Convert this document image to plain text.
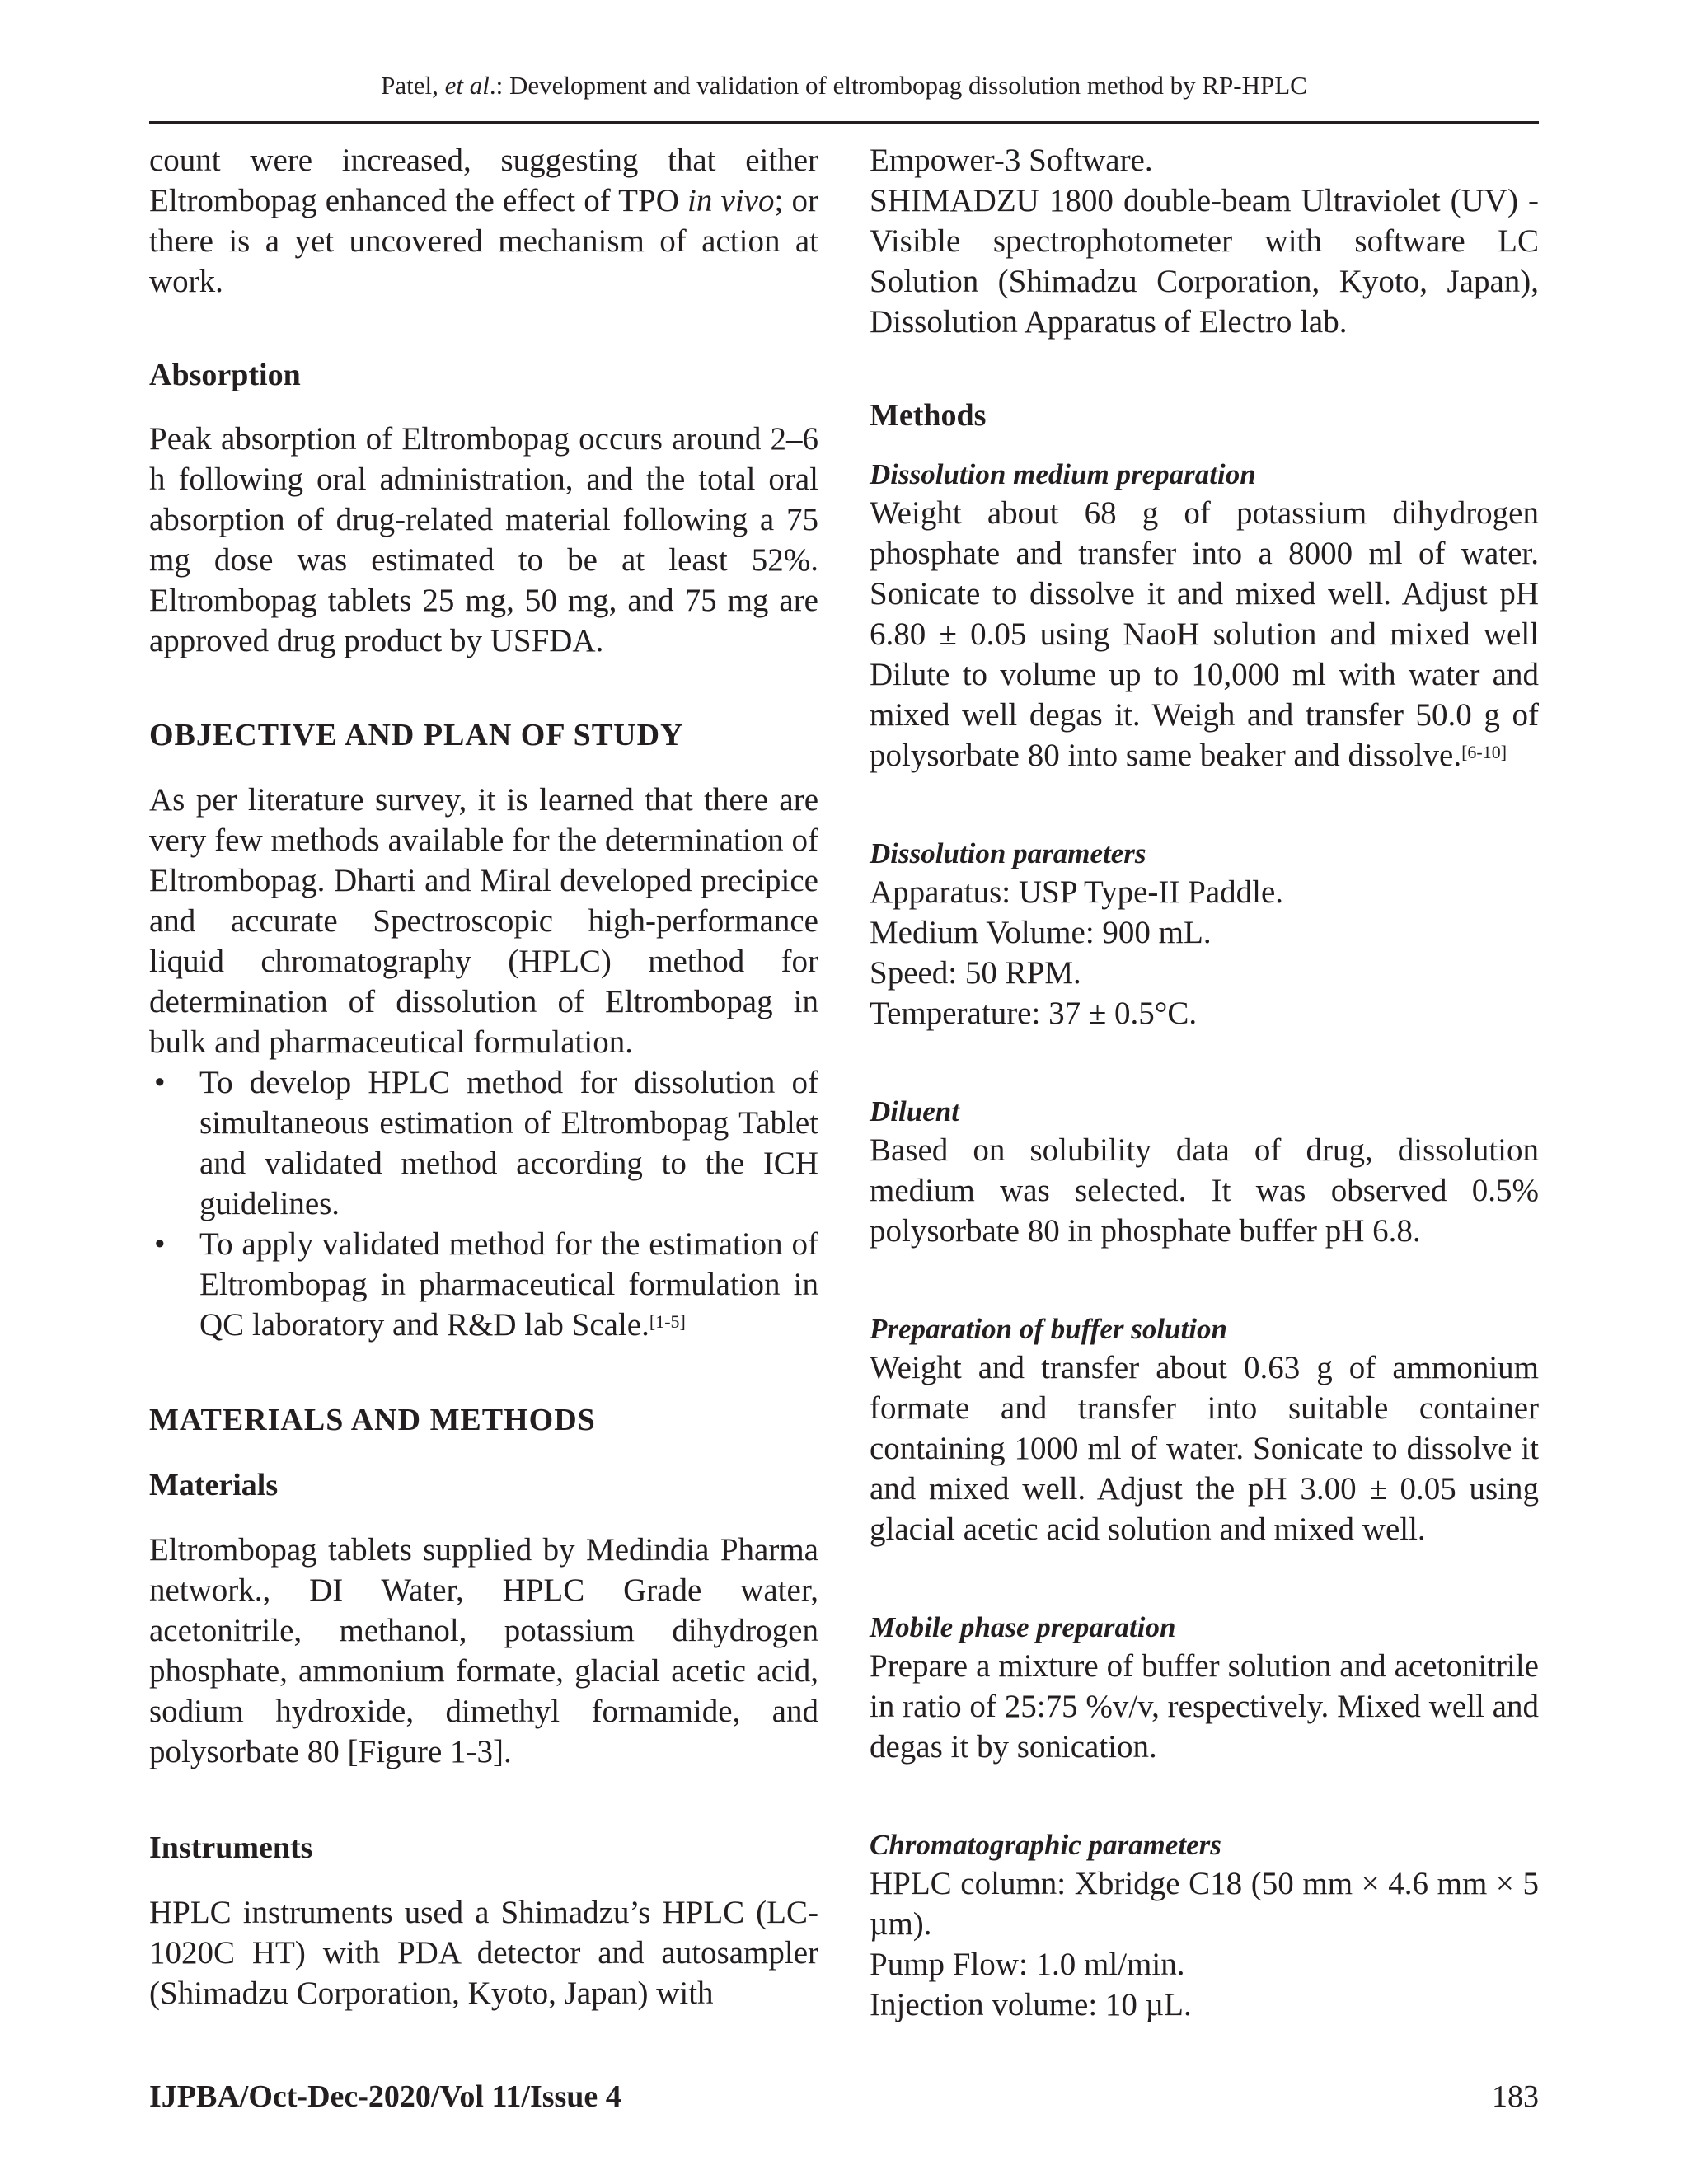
Patel, et al.: Development and validation of eltrombopag dissolution method by RP-HPLC

count were increased, suggesting that either Eltrombopag enhanced the effect of TPO in vivo; or there is a yet uncovered mechanism of action at work.

Absorption

Peak absorption of Eltrombopag occurs around 2–6 h following oral administration, and the total oral absorption of drug-related material following a 75 mg dose was estimated to be at least 52%. Eltrombopag tablets 25 mg, 50 mg, and 75 mg are approved drug product by USFDA.

OBJECTIVE AND PLAN OF STUDY

As per literature survey, it is learned that there are very few methods available for the determination of Eltrombopag. Dharti and Miral developed precipice and accurate Spectroscopic high-performance liquid chromatography (HPLC) method for determination of dissolution of Eltrombopag in bulk and pharmaceutical formulation.

• To develop HPLC method for dissolution of simultaneous estimation of Eltrombopag Tablet and validated method according to the ICH guidelines.
• To apply validated method for the estimation of Eltrombopag in pharmaceutical formulation in QC laboratory and R&D lab Scale.[1-5]
MATERIALS AND METHODS
Materials

Eltrombopag tablets supplied by Medindia Pharma network., DI Water, HPLC Grade water, acetonitrile, methanol, potassium dihydrogen phosphate, ammonium formate, glacial acetic acid, sodium hydroxide, dimethyl formamide, and polysorbate 80 [Figure 1-3].

Instruments

HPLC instruments used a Shimadzu’s HPLC (LC-1020C HT) with PDA detector and autosampler (Shimadzu Corporation, Kyoto, Japan) with

Empower-3 Software.

SHIMADZU 1800 double-beam Ultraviolet (UV) - Visible spectrophotometer with software LC Solution (Shimadzu Corporation, Kyoto, Japan), Dissolution Apparatus of Electro lab.

Methods
Dissolution medium preparation

Weight about 68 g of potassium dihydrogen phosphate and transfer into a 8000 ml of water. Sonicate to dissolve it and mixed well. Adjust pH 6.80 ± 0.05 using NaoH solution and mixed well Dilute to volume up to 10,000 ml with water and mixed well degas it. Weigh and transfer 50.0 g of polysorbate 80 into same beaker and dissolve.[6-10]

Dissolution parameters

Apparatus: USP Type-II Paddle.

Medium Volume: 900 mL.

Speed: 50 RPM.

Temperature: 37 ± 0.5°C.

Diluent

Based on solubility data of drug, dissolution medium was selected. It was observed 0.5% polysorbate 80 in phosphate buffer pH 6.8.

Preparation of buffer solution

Weight and transfer about 0.63 g of ammonium formate and transfer into suitable container containing 1000 ml of water. Sonicate to dissolve it and mixed well. Adjust the pH 3.00 ± 0.05 using glacial acetic acid solution and mixed well.

Mobile phase preparation

Prepare a mixture of buffer solution and acetonitrile in ratio of 25:75 %v/v, respectively. Mixed well and degas it by sonication.

Chromatographic parameters

HPLC column: Xbridge C18 (50 mm × 4.6 mm × 5 µm).

Pump Flow: 1.0 ml/min.

Injection volume: 10 µL.

IJPBA/Oct-Dec-2020/Vol 11/Issue 4	183
